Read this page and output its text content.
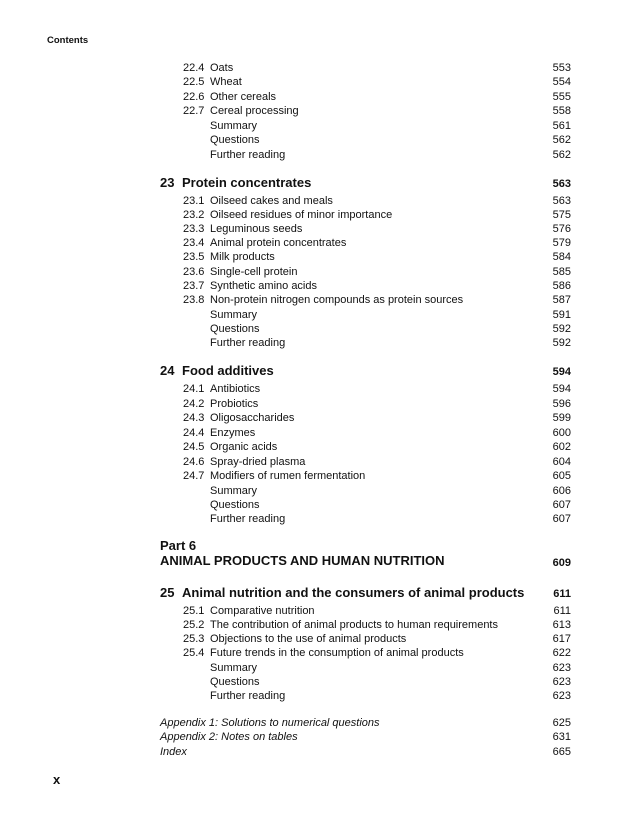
Contents
22.4 Oats	553
22.5 Wheat	554
22.6 Other cereals	555
22.7 Cereal processing	558
Summary	561
Questions	562
Further reading	562
23 Protein concentrates	563
23.1 Oilseed cakes and meals	563
23.2 Oilseed residues of minor importance	575
23.3 Leguminous seeds	576
23.4 Animal protein concentrates	579
23.5 Milk products	584
23.6 Single-cell protein	585
23.7 Synthetic amino acids	586
23.8 Non-protein nitrogen compounds as protein sources	587
Summary	591
Questions	592
Further reading	592
24 Food additives	594
24.1 Antibiotics	594
24.2 Probiotics	596
24.3 Oligosaccharides	599
24.4 Enzymes	600
24.5 Organic acids	602
24.6 Spray-dried plasma	604
24.7 Modifiers of rumen fermentation	605
Summary	606
Questions	607
Further reading	607
Part 6
ANIMAL PRODUCTS AND HUMAN NUTRITION	609
25 Animal nutrition and the consumers of animal products	611
25.1 Comparative nutrition	611
25.2 The contribution of animal products to human requirements	613
25.3 Objections to the use of animal products	617
25.4 Future trends in the consumption of animal products	622
Summary	623
Questions	623
Further reading	623
Appendix 1: Solutions to numerical questions	625
Appendix 2: Notes on tables	631
Index	665
x
